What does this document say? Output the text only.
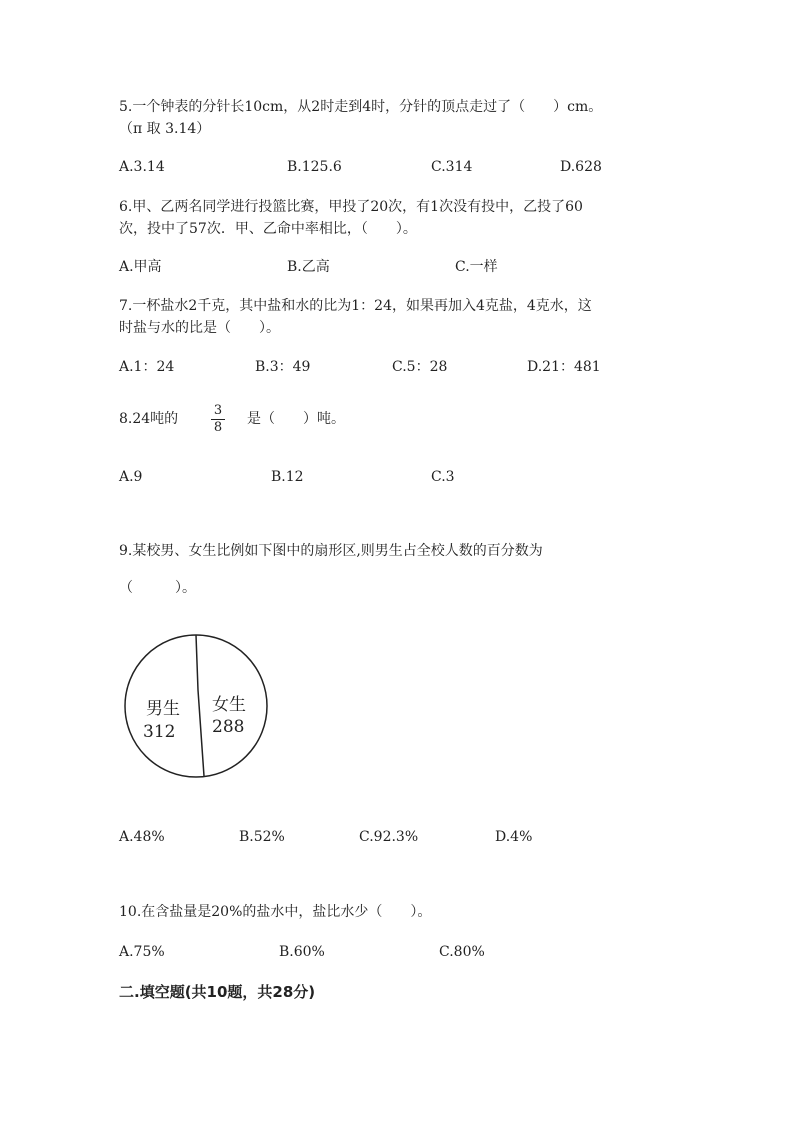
5.一个钟表的分针长10cm，从2时走到4时，分针的顶点走过了（　　）cm。
（π 取 3.14）
A.3.14	B.125.6	C.314	D.628
6.甲、乙两名同学进行投篮比赛，甲投了20次，有1次没有投中，乙投了60
次，投中了57次．甲、乙命中率相比，（　　）。
A.甲高	B.乙高	C.一样
7.一杯盐水2千克，其中盐和水的比为1：24，如果再加入4克盐，4克水，这
时盐与水的比是（　　）。
A.1：24	B.3：49	C.5：28	D.21：481
8.24吨的
3
8
是（　　）吨。
A.9	B.12	C.3
9.某校男、女生比例如下图中的扇形区,则男生占全校人数的百分数为
（　　　）。
男生
312
女生
288
A.48%	B.52%	C.92.3%	D.4%
10.在含盐量是20%的盐水中，盐比水少（　　）。
A.75%	B.60%	C.80%
二.填空题(共10题，共28分)
